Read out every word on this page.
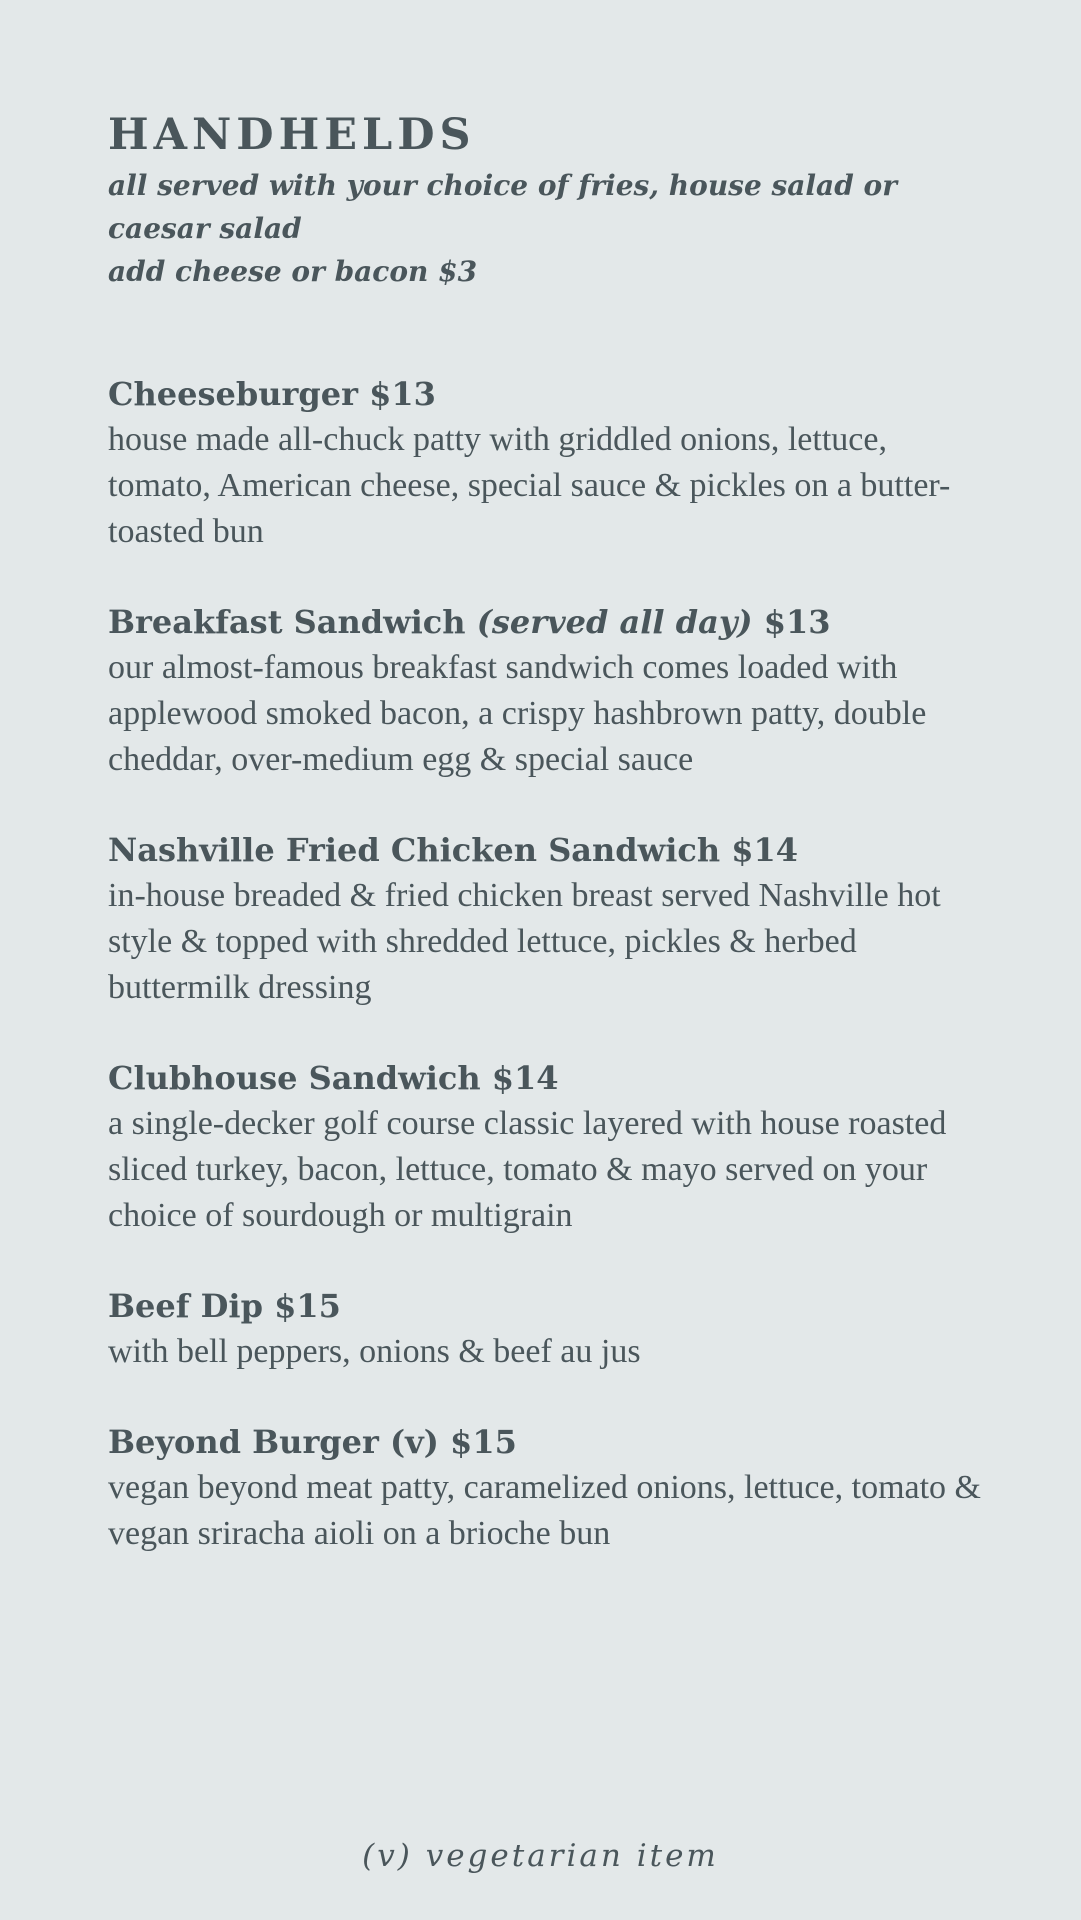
HANDHELDS

all served with your choice of fries, house salad or caesar salad

add cheese or bacon $3

Cheeseburger $13

house made all-chuck patty with griddled onions, lettuce, tomato, American cheese, special sauce & pickles on a butter-toasted bun

Breakfast Sandwich (served all day) $13

our almost-famous breakfast sandwich comes loaded with applewood smoked bacon, a crispy hashbrown patty, double cheddar, over-medium egg & special sauce

Nashville Fried Chicken Sandwich $14

in-house breaded & fried chicken breast served Nashville hot style & topped with shredded lettuce, pickles & herbed buttermilk dressing

Clubhouse Sandwich $14

a single-decker golf course classic layered with house roasted sliced turkey, bacon, lettuce, tomato & mayo served on your choice of sourdough or multigrain

Beef Dip $15

with bell peppers, onions & beef au jus

Beyond Burger (v) $15

vegan beyond meat patty, caramelized onions, lettuce, tomato & vegan sriracha aioli on a brioche bun

(v) vegetarian item
